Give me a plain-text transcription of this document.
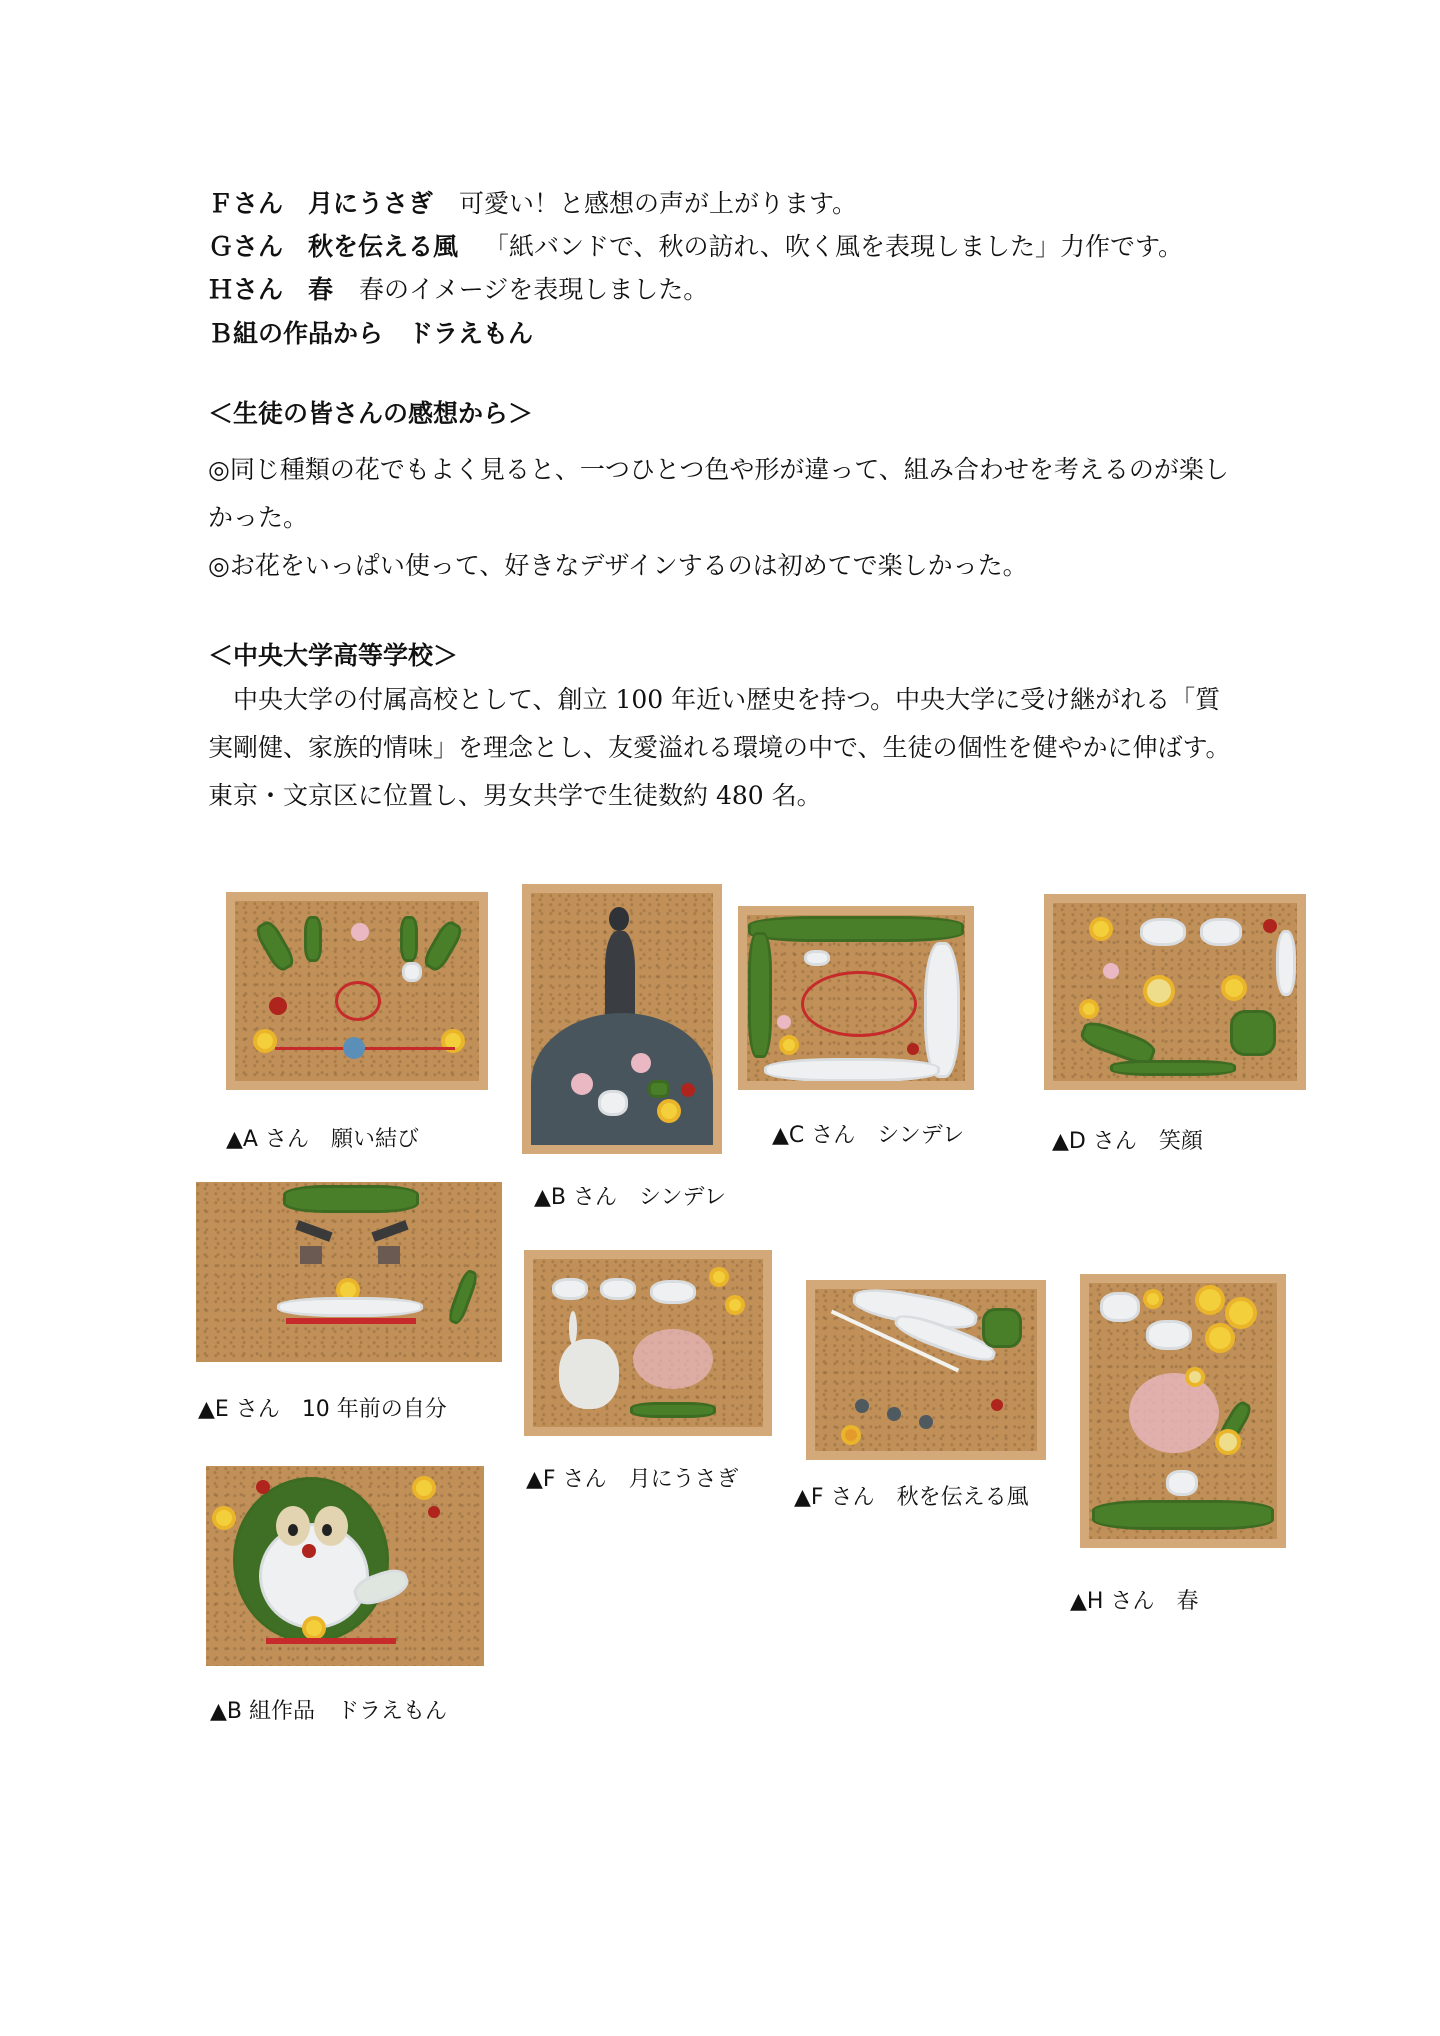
Ｆさん　月にうさぎ 可愛い！と感想の声が上がります。
Ｇさん　秋を伝える風 「紙バンドで、秋の訪れ、吹く風を表現しました」力作です。
Ｈさん　春 春のイメージを表現しました。
Ｂ組の作品から　ドラえもん
＜生徒の皆さんの感想から＞
◎同じ種類の花でもよく見ると、一つひとつ色や形が違って、組み合わせを考えるのが楽しかった。
◎お花をいっぱい使って、好きなデザインするのは初めてで楽しかった。
＜中央大学高等学校＞
　中央大学の付属高校として、創立 100 年近い歴史を持つ。中央大学に受け継がれる「質実剛健、家族的情味」を理念とし、友愛溢れる環境の中で、生徒の個性を健やかに伸ばす。東京・文京区に位置し、男女共学で生徒数約 480 名。
▲A さん　願い結び
▲B さん　シンデレ
▲C さん　シンデレ	▲D さん　笑顔
▲E さん　10 年前の自分
▲F さん　月にうさぎ
▲F さん　秋を伝える風
▲H さん　春
▲B 組作品　ドラえもん
